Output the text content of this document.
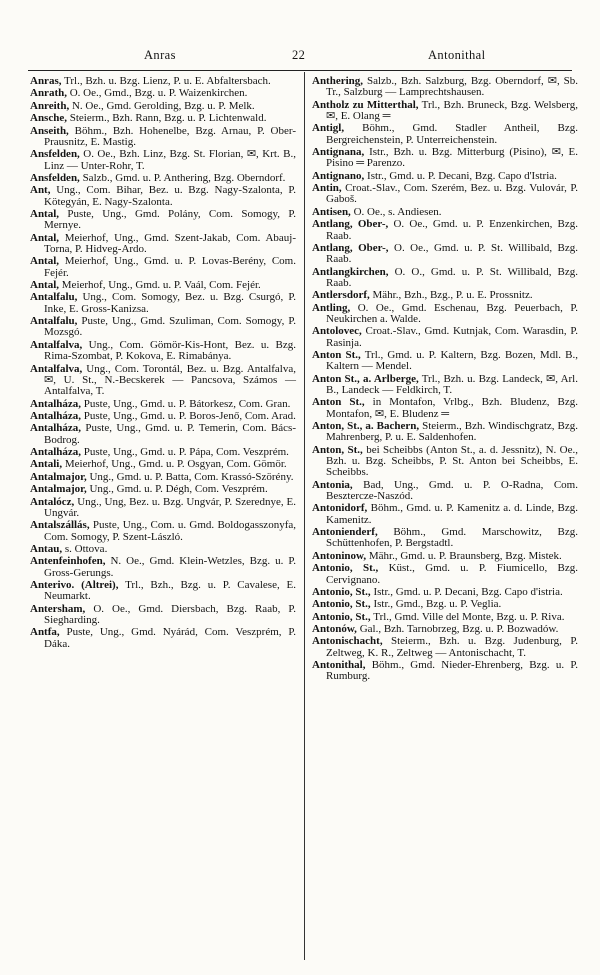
Anras	22	Antonithal

Anras, Trl., Bzh. u. Bzg. Lienz, P. u. E. Abfaltersbach.

Anrath, O. Oe., Gmd., Bzg. u. P. Waizenkirchen.

Anreith, N. Oe., Gmd. Gerolding, Bzg. u. P. Melk.

Ansche, Steierm., Bzh. Rann, Bzg. u. P. Lichtenwald.

Anseith, Böhm., Bzh. Hohenelbe, Bzg. Arnau, P. Ober-Prausnitz, E. Mastig.

Ansfelden, O. Oe., Bzh. Linz, Bzg. St. Florian, ✉, Krt. B., Linz — Unter-Rohr, T.

Ansfelden, Salzb., Gmd. u. P. Anthering, Bzg. Oberndorf.

Ant, Ung., Com. Bihar, Bez. u. Bzg. Nagy-Szalonta, P. Kötegyán, E. Nagy-Szalonta.

Antal, Puste, Ung., Gmd. Polány, Com. Somogy, P. Mernye.

Antal, Meierhof, Ung., Gmd. Szent-Jakab, Com. Abauj-Torna, P. Hidveg-Ardo.

Antal, Meierhof, Ung., Gmd. u. P. Lovas-Berény, Com. Fejér.

Antal, Meierhof, Ung., Gmd. u. P. Vaál, Com. Fejér.

Antalfalu, Ung., Com. Somogy, Bez. u. Bzg. Csurgó, P. Inke, E. Gross-Kanizsa.

Antalfalu, Puste, Ung., Gmd. Szuliman, Com. Somogy, P. Mozsgó.

Antalfalva, Ung., Com. Gömör-Kis-Hont, Bez. u. Bzg. Rima-Szombat, P. Kokova, E. Rimabánya.

Antalfalva, Ung., Com. Torontál, Bez. u. Bzg. Antalfalva, ✉, U. St., N.-Becskerek — Pancsova, Számos — Antalfalva, T.

Antalháza, Puste, Ung., Gmd. u. P. Bátorkesz, Com. Gran.

Antalháza, Puste, Ung., Gmd. u. P. Boros-Jenő, Com. Arad.

Antalháza, Puste, Ung., Gmd. u. P. Temerin, Com. Bács-Bodrog.

Antalháza, Puste, Ung., Gmd. u. P. Pápa, Com. Veszprém.

Antali, Meierhof, Ung., Gmd. u. P. Osgyan, Com. Gömör.

Antalmajor, Ung., Gmd. u. P. Batta, Com. Krassó-Szörény.

Antalmajor, Ung., Gmd. u. P. Dégh, Com. Veszprém.

Antalócz, Ung., Ung, Bez. u. Bzg. Ungvár, P. Szerednye, E. Ungvár.

Antalszállás, Puste, Ung., Com. u. Gmd. Boldogasszonyfa, Com. Somogy, P. Szent-László.

Antau, s. Ottova.

Antenfeinhofen, N. Oe., Gmd. Klein-Wetzles, Bzg. u. P. Gross-Gerungs.

Anterivo. (Altrei), Trl., Bzh., Bzg. u. P. Cavalese, E. Neumarkt.

Antersham, O. Oe., Gmd. Diersbach, Bzg. Raab, P. Siegharding.

Antfa, Puste, Ung., Gmd. Nyárád, Com. Veszprém, P. Dáka.

Anthering, Salzb., Bzh. Salzburg, Bzg. Oberndorf, ✉, Sb. Tr., Salzburg — Lamprechtshausen.

Antholz zu Mitterthal, Trl., Bzh. Bruneck, Bzg. Welsberg, ✉, E. Olang ═

Antigl, Böhm., Gmd. Stadler Antheil, Bzg. Bergreichenstein, P. Unterreichenstein.

Antignana, Istr., Bzh. u. Bzg. Mitterburg (Pisino), ✉, E. Pisino ═ Parenzo.

Antignano, Istr., Gmd. u. P. Decani, Bzg. Capo d'Istria.

Antin, Croat.-Slav., Com. Szerém, Bez. u. Bzg. Vulovár, P. Gaboš.

Antisen, O. Oe., s. Andiesen.

Antlang, Ober-, O. Oe., Gmd. u. P. Enzenkirchen, Bzg. Raab.

Antlang, Ober-, O. Oe., Gmd. u. P. St. Willibald, Bzg. Raab.

Antlangkirchen, O. O., Gmd. u. P. St. Willibald, Bzg. Raab.

Antlersdorf, Mähr., Bzh., Bzg., P. u. E. Prossnitz.

Antling, O. Oe., Gmd. Eschenau, Bzg. Peuerbach, P. Neukirchen a. Walde.

Antolovec, Croat.-Slav., Gmd. Kutnjak, Com. Warasdin, P. Rasinja.

Anton St., Trl., Gmd. u. P. Kaltern, Bzg. Bozen, Mdl. B., Kaltern — Mendel.

Anton St., a. Arlberge, Trl., Bzh. u. Bzg. Landeck, ✉, Arl. B., Landeck — Feldkirch, T.

Anton St., in Montafon, Vrlbg., Bzh. Bludenz, Bzg. Montafon, ✉, E. Bludenz ═

Anton, St., a. Bachern, Steierm., Bzh. Windischgratz, Bzg. Mahrenberg, P. u. E. Saldenhofen.

Anton, St., bei Scheibbs (Anton St., a. d. Jessnitz), N. Oe., Bzh. u. Bzg. Scheibbs, P. St. Anton bei Scheibbs, E. Scheibbs.

Antonia, Bad, Ung., Gmd. u. P. O-Radna, Com. Besztercze-Naszód.

Antonidorf, Böhm., Gmd. u. P. Kamenitz a. d. Linde, Bzg. Kamenitz.

Antonienderf, Böhm., Gmd. Marschowitz, Bzg. Schüttenhofen, P. Bergstadtl.

Antoninow, Mähr., Gmd. u. P. Braunsberg, Bzg. Mistek.

Antonio, St., Küst., Gmd. u. P. Fiumicello, Bzg. Cervignano.

Antonio, St., Istr., Gmd. u. P. Decani, Bzg. Capo d'istria.

Antonio, St., Istr., Gmd., Bzg. u. P. Veglia.

Antonio, St., Trl., Gmd. Ville del Monte, Bzg. u. P. Riva.

Antonów, Gal., Bzh. Tarnobrzeg, Bzg. u. P. Bozwadów.

Antonischacht, Steierm., Bzh. u. Bzg. Judenburg, P. Zeltweg, K. R., Zeltweg — Antonischacht, T.

Antonithal, Böhm., Gmd. Nieder-Ehrenberg, Bzg. u. P. Rumburg.
